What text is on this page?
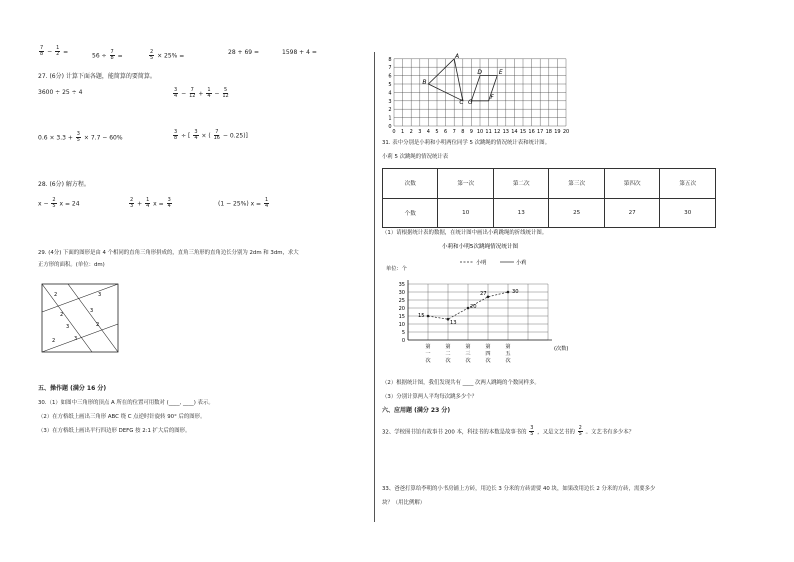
$\frac{7}{8} - \frac{1}{2}$ =
$56 \div \frac{7}{8}$ =	$\frac{2}{5} \times 25\%$ =	28 + 69 =	1598 + 4 =
27. (6分) 计算下面各题，能简算的要简算。
3600 ÷ 25 ÷ 4	$\frac{3}{4} - \frac{7}{12} + \frac{1}{4} - \frac{5}{12}$
$0.6 \times 3.3 + \frac{3}{5} \times 7.7 - 60\%$	$\frac{3}{8}$ ÷ [ $\frac{3}{4}$ × ( $\frac{7}{16} - 0.25$)]
28. (6分) 解方程。
$x - \frac{2}{5}$ x = 24	$\frac{2}{3} + \frac{1}{4}$ $x = \frac{3}{4}$	(1 − 25%) $x = \frac{1}{4}$
29. (4分) 下面的图形是由 4 个相同的直角三角形拼成的，直角三角形的直角边长分别为 2dm 和 3dm，求大
正方形的面积。(单位：dm)
2	3
2
3
3	2
3
2
五、操作题 (满分 16 分)
30.（1）如图中三角形的顶点 A 所在的位置可用数对 (____, ____) 表示。
（2）在方格纸上画出三角形 ABC 绕 C 点逆时针旋转 90° 后的图形。
（3）在方格纸上画出平行四边形 DEFG 按 2:1 扩大后的图形。
0 1 2 3 4 5 6 7 8 9 10 11 12 13 14 15 16 17 18 19 20
8
7
6
5
4
3
2
1
0
A
B
C
D	E
F
G
31. 表中分别是小莉和小明两位同学 5 次跳绳的情况统计表和统计图。
小莉 5 次跳绳的情况统计表
次数	第一次	第二次	第三次	第四次	第五次
个数	10	13	25	27	30
（1）请根据统计表的数据，在统计图中画出小莉跳绳的折线统计图。
小莉和小明5次跳绳情况统计图
单位：个
小明	小莉
0
5
10
15
20
25
30
35
第
一
次
第
二
次
第
三
次
第
四
次
第
五
次
(次数)
15
13
20
27	30
（2）根据统计图，我们发现共有 ____ 次两人跳绳的个数同样多。
（3）分别计算两人平均每次跳多少个？
六、应用题 (满分 23 分)
32、学校图书馆有故事书 200 本，科技书的本数是故事书的 $\frac{3}{5}$ ，又是文艺书的 $\frac{2}{5}$ 。文艺书有多少本？
33、爸爸打算给李明的小书房铺上方砖，用边长 3 分米的方砖需要 40 块，如果改用边长 2 分米的方砖，需要多少
块？（用比例解）
